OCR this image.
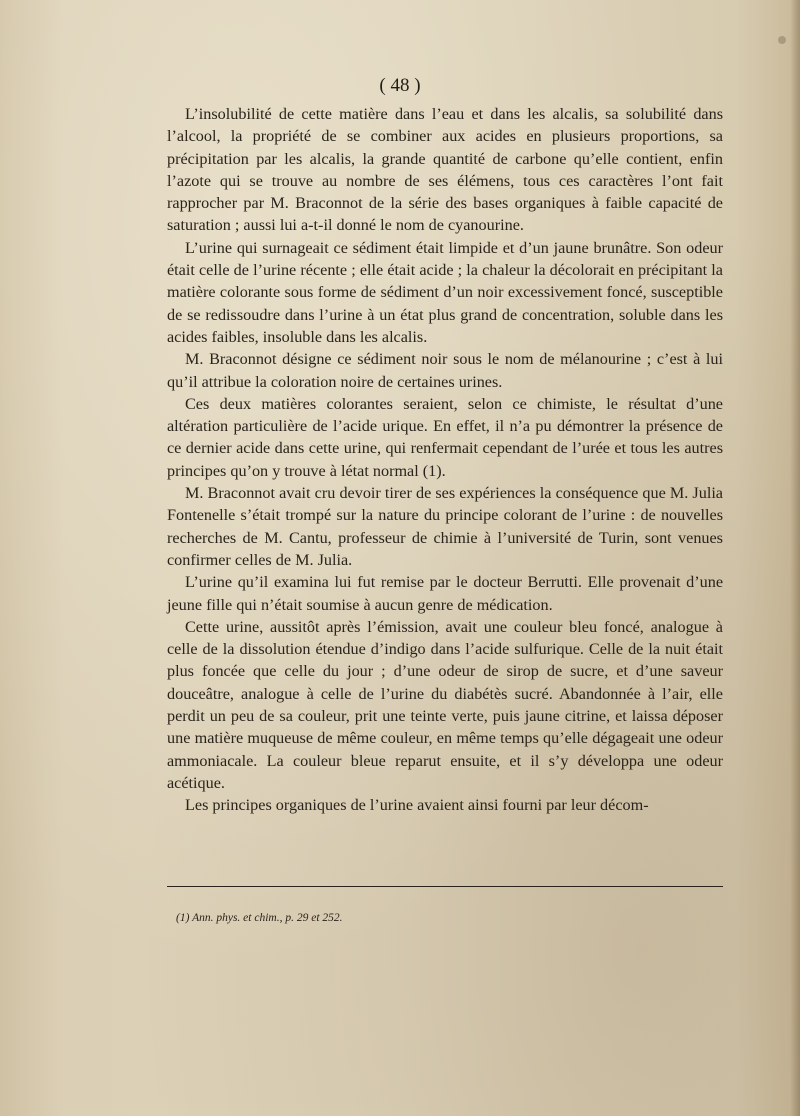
( 48 )

L’insolubilité de cette matière dans l’eau et dans les alcalis, sa solubilité dans l’alcool, la propriété de se combiner aux acides en plusieurs proportions, sa précipitation par les alcalis, la grande quantité de carbone qu’elle contient, enfin l’azote qui se trouve au nombre de ses élémens, tous ces caractères l’ont fait rapprocher par M. Braconnot de la série des bases organiques à faible capacité de saturation ; aussi lui a-t-il donné le nom de cyanourine.

L’urine qui surnageait ce sédiment était limpide et d’un jaune brunâtre. Son odeur était celle de l’urine récente ; elle était acide ; la chaleur la décolorait en précipitant la matière colorante sous forme de sédiment d’un noir excessivement foncé, susceptible de se redissoudre dans l’urine à un état plus grand de concentration, soluble dans les acides faibles, insoluble dans les alcalis.

M. Braconnot désigne ce sédiment noir sous le nom de mélanourine ; c’est à lui qu’il attribue la coloration noire de certaines urines.

Ces deux matières colorantes seraient, selon ce chimiste, le résultat d’une altération particulière de l’acide urique. En effet, il n’a pu démontrer la présence de ce dernier acide dans cette urine, qui renfermait cependant de l’urée et tous les autres principes qu’on y trouve à létat normal (1).

M. Braconnot avait cru devoir tirer de ses expériences la conséquence que M. Julia Fontenelle s’était trompé sur la nature du principe colorant de l’urine : de nouvelles recherches de M. Cantu, professeur de chimie à l’université de Turin, sont venues confirmer celles de M. Julia.

L’urine qu’il examina lui fut remise par le docteur Berrutti. Elle provenait d’une jeune fille qui n’était soumise à aucun genre de médication.

Cette urine, aussitôt après l’émission, avait une couleur bleu foncé, analogue à celle de la dissolution étendue d’indigo dans l’acide sulfurique. Celle de la nuit était plus foncée que celle du jour ; d’une odeur de sirop de sucre, et d’une saveur douceâtre, analogue à celle de l’urine du diabétès sucré. Abandonnée à l’air, elle perdit un peu de sa couleur, prit une teinte verte, puis jaune citrine, et laissa déposer une matière muqueuse de même couleur, en même temps qu’elle dégageait une odeur ammoniacale. La couleur bleue reparut ensuite, et il s’y développa une odeur acétique.

Les principes organiques de l’urine avaient ainsi fourni par leur décom-

(1) Ann. phys. et chim., p. 29 et 252.
